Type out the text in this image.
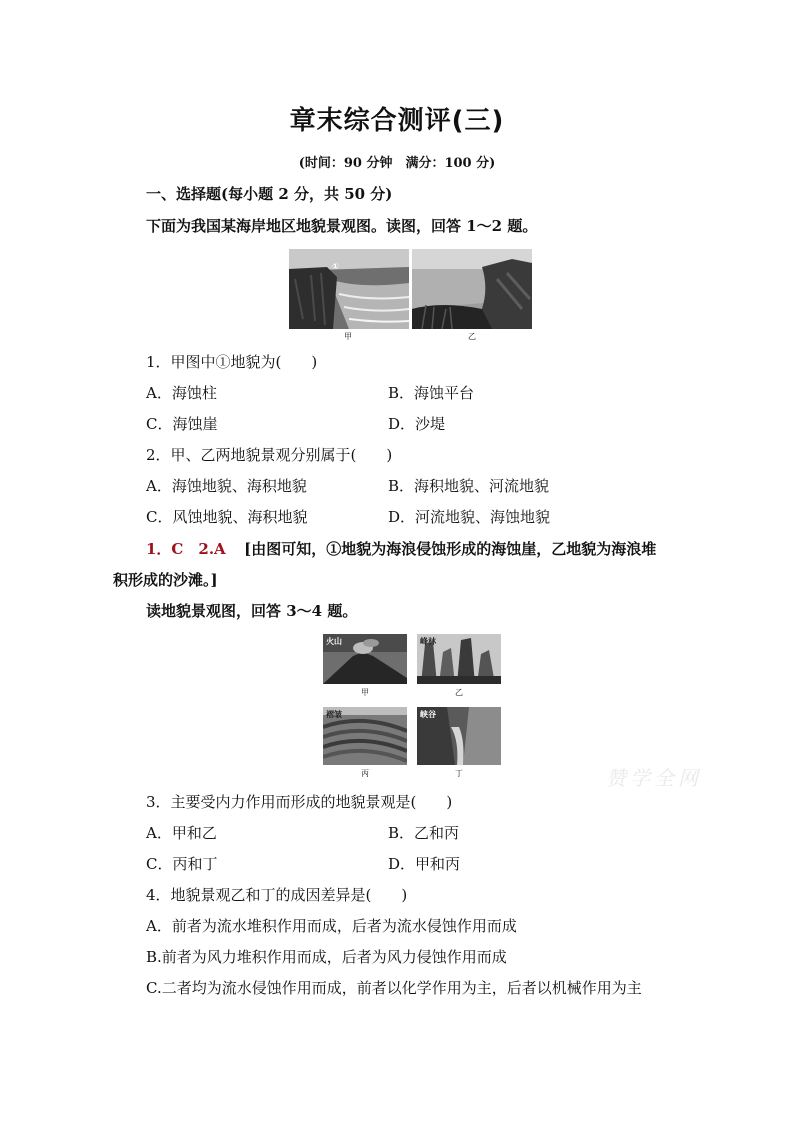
章末综合测评(三)
(时间：90 分钟　满分：100 分)
一、选择题(每小题 2 分，共 50 分)
下面为我国某海岸地区地貌景观图。读图，回答 1～2 题。
①
甲	乙
1．甲图中①地貌为(　　)
A．海蚀柱	B．海蚀平台
C．海蚀崖	D．沙堤
2．甲、乙两地貌景观分别属于(　　)
A．海蚀地貌、海积地貌	B．海积地貌、河流地貌
C．风蚀地貌、海积地貌	D．河流地貌、海蚀地貌
1．C　2.A [由图可知，①地貌为海浪侵蚀形成的海蚀崖，乙地貌为海浪堆
积形成的沙滩。]
读地貌景观图，回答 3～4 题。
火山
甲
峰林
乙
褶皱
丙
峡谷
丁	赞学全网
3．主要受内力作用而形成的地貌景观是(　　)
A．甲和乙	B．乙和丙
C．丙和丁	D．甲和丙
4．地貌景观乙和丁的成因差异是(　　)
A．前者为流水堆积作用而成，后者为流水侵蚀作用而成
B.前者为风力堆积作用而成，后者为风力侵蚀作用而成
C.二者均为流水侵蚀作用而成，前者以化学作用为主，后者以机械作用为主
